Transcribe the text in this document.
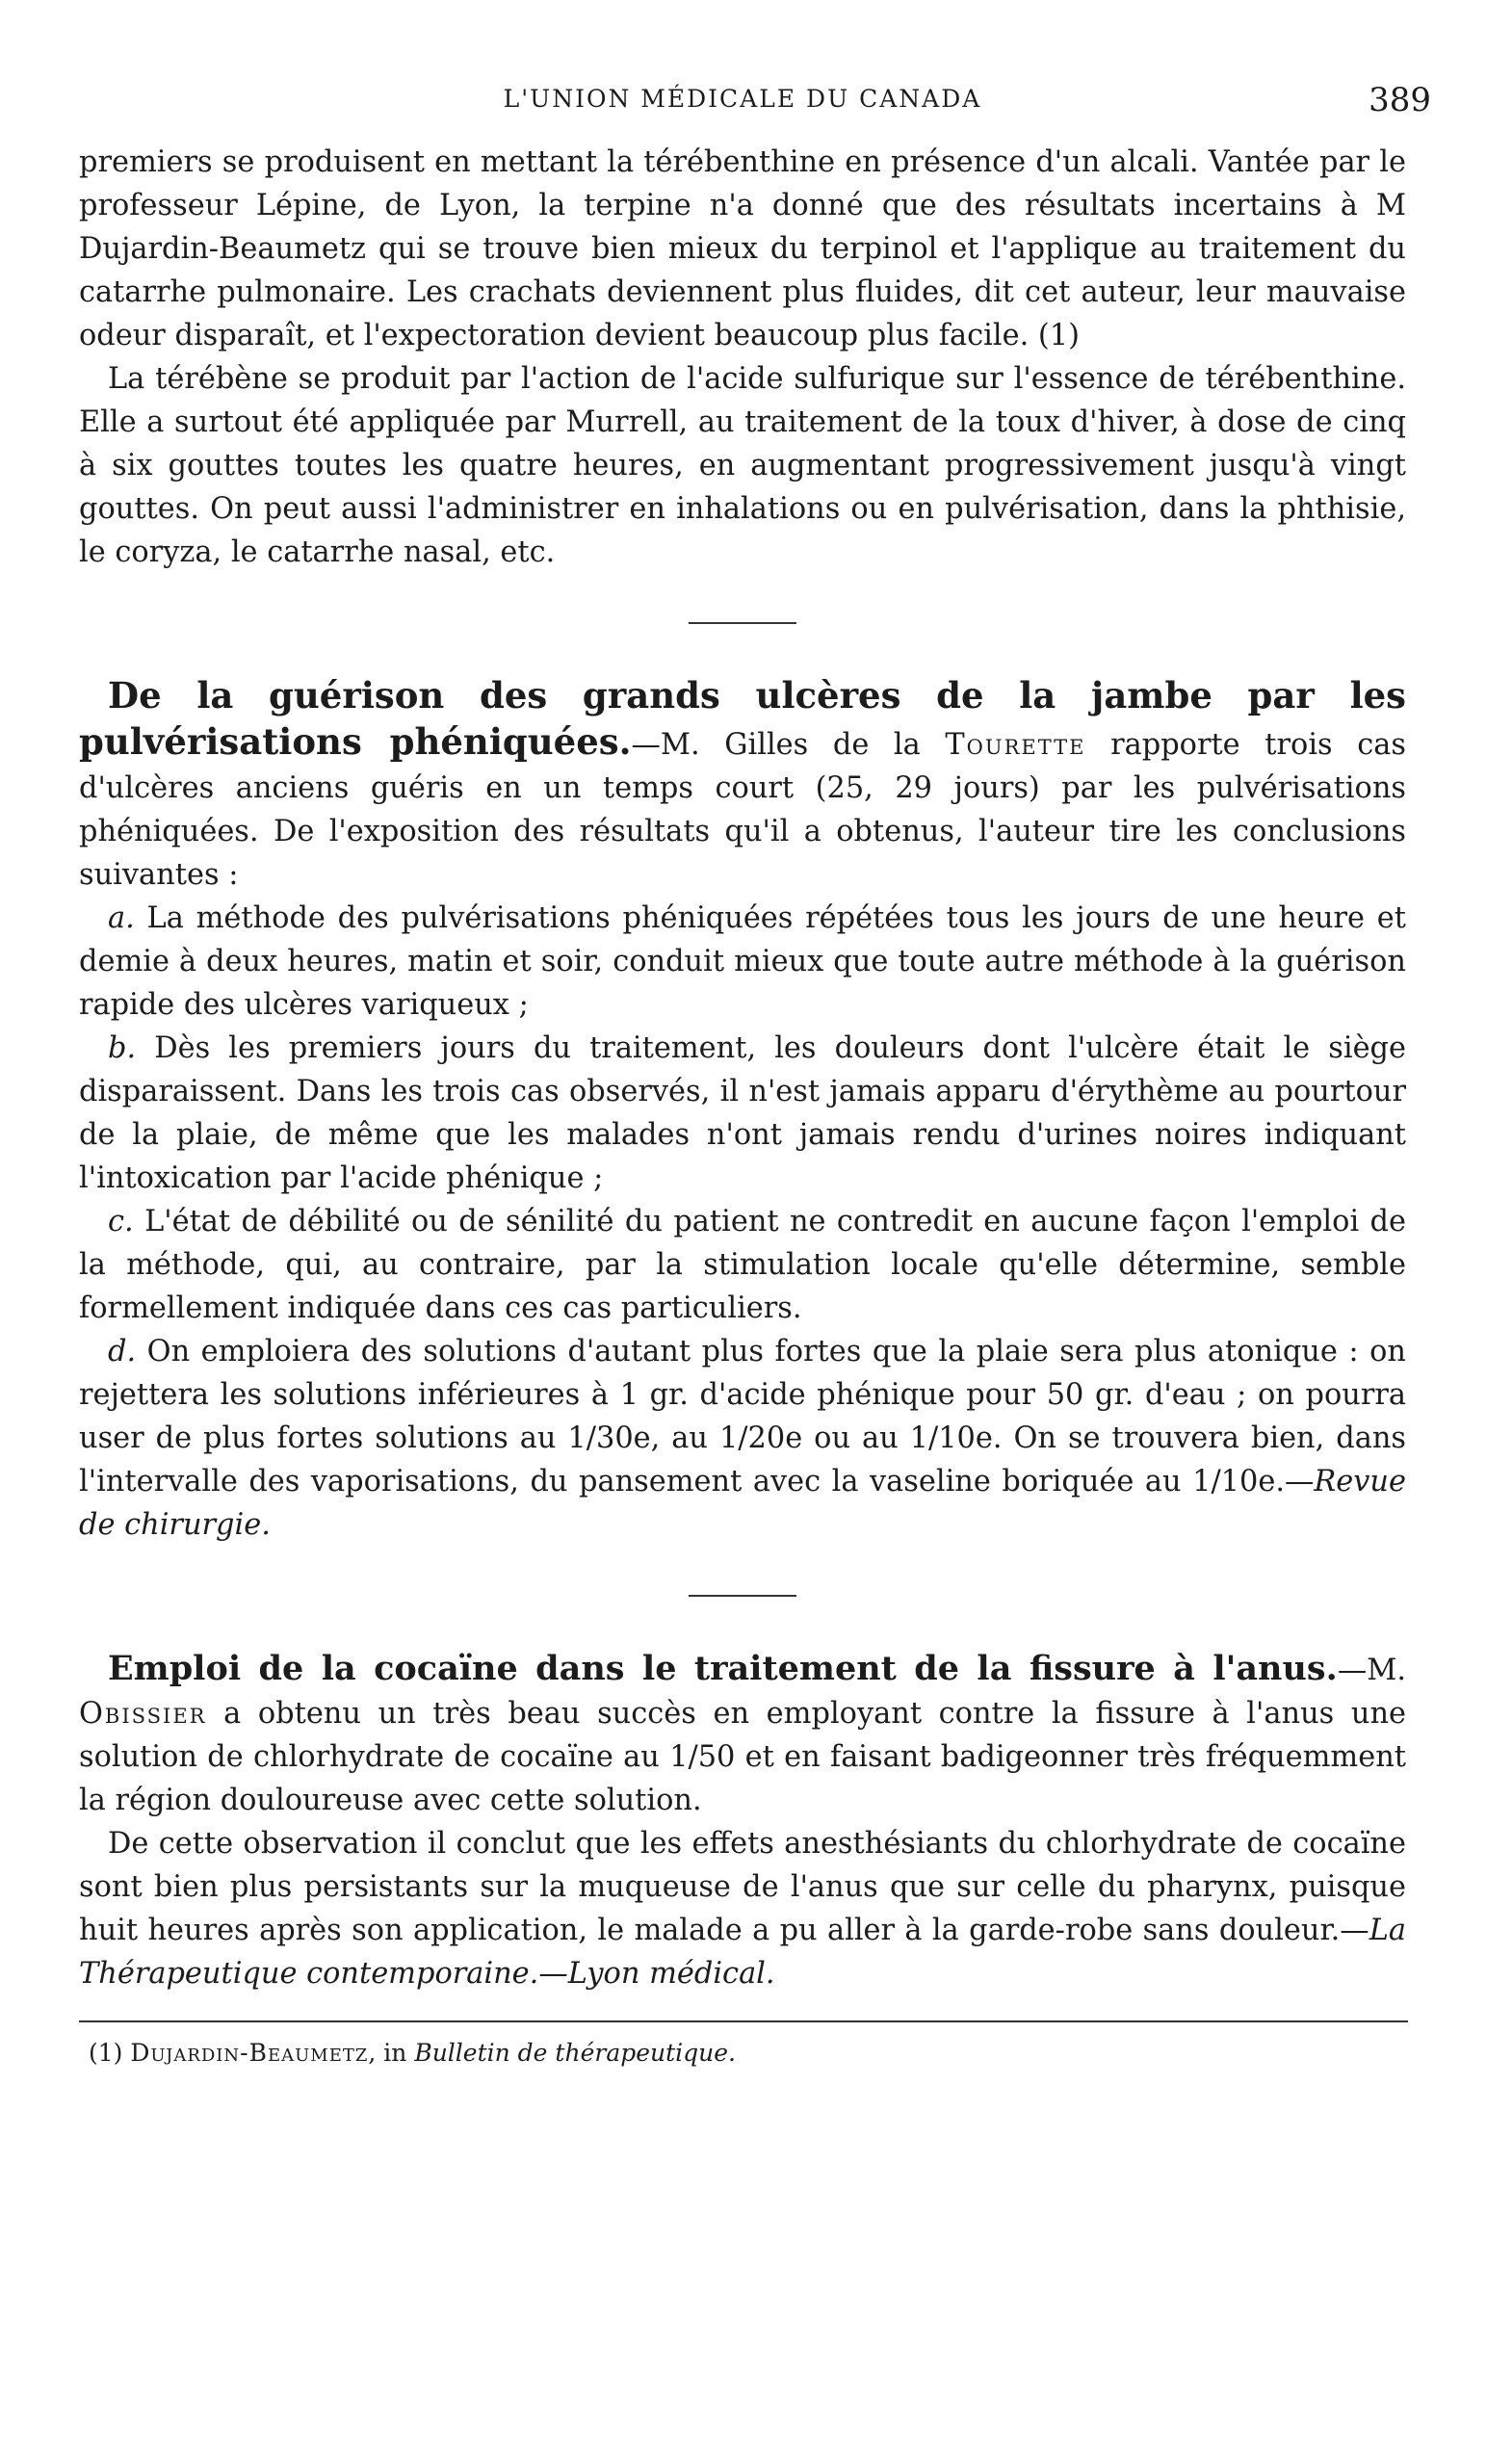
L'UNION MÉDICALE DU CANADA	389

premiers se produisent en mettant la térébenthine en présence d'un alcali. Vantée par le professeur Lépine, de Lyon, la terpine n'a donné que des résultats incertains à M Dujardin-Beaumetz qui se trouve bien mieux du terpinol et l'applique au traitement du catarrhe pulmonaire. Les crachats deviennent plus fluides, dit cet auteur, leur mauvaise odeur disparaît, et l'expectoration devient beaucoup plus facile. (1)

La térébène se produit par l'action de l'acide sulfurique sur l'essence de térébenthine. Elle a surtout été appliquée par Murrell, au traitement de la toux d'hiver, à dose de cinq à six gouttes toutes les quatre heures, en augmentant progressivement jusqu'à vingt gouttes. On peut aussi l'administrer en inhalations ou en pulvérisation, dans la phthisie, le coryza, le catarrhe nasal, etc.

De la guérison des grands ulcères de la jambe par les pulvérisations phéniquées.—M. Gilles de la Tourette rapporte trois cas d'ulcères anciens guéris en un temps court (25, 29 jours) par les pulvérisations phéniquées. De l'exposition des résultats qu'il a obtenus, l'auteur tire les conclusions suivantes :

a. La méthode des pulvérisations phéniquées répétées tous les jours de une heure et demie à deux heures, matin et soir, conduit mieux que toute autre méthode à la guérison rapide des ulcères variqueux ;

b. Dès les premiers jours du traitement, les douleurs dont l'ulcère était le siège disparaissent. Dans les trois cas observés, il n'est jamais apparu d'érythème au pourtour de la plaie, de même que les malades n'ont jamais rendu d'urines noires indiquant l'intoxication par l'acide phénique ;

c. L'état de débilité ou de sénilité du patient ne contredit en aucune façon l'emploi de la méthode, qui, au contraire, par la stimulation locale qu'elle détermine, semble formellement indiquée dans ces cas particuliers.

d. On emploiera des solutions d'autant plus fortes que la plaie sera plus atonique : on rejettera les solutions inférieures à 1 gr. d'acide phénique pour 50 gr. d'eau ; on pourra user de plus fortes solutions au 1/30e, au 1/20e ou au 1/10e. On se trouvera bien, dans l'intervalle des vaporisations, du pansement avec la vaseline boriquée au 1/10e.—Revue de chirurgie.

Emploi de la cocaïne dans le traitement de la fissure à l'anus.—M. Obissier a obtenu un très beau succès en employant contre la fissure à l'anus une solution de chlorhydrate de cocaïne au 1/50 et en faisant badigeonner très fréquemment la région douloureuse avec cette solution.

De cette observation il conclut que les effets anesthésiants du chlorhydrate de cocaïne sont bien plus persistants sur la muqueuse de l'anus que sur celle du pharynx, puisque huit heures après son application, le malade a pu aller à la garde-robe sans douleur.—La Thérapeutique contemporaine.—Lyon médical.

(1) Dujardin-Beaumetz, in Bulletin de thérapeutique.
